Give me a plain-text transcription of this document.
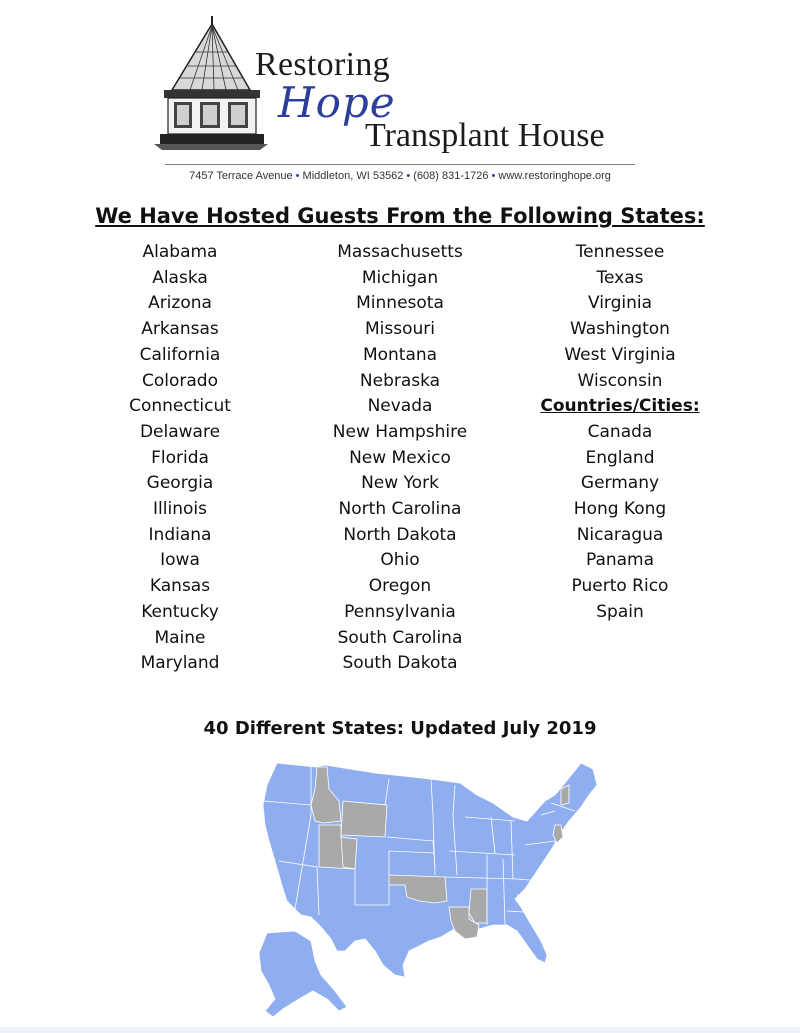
Restoring
Hope
Transplant House
7457 Terrace Avenue • Middleton, WI 53562 • (608) 831-1726 • www.restoringhope.org
We Have Hosted Guests From the Following States:
Alabama
Alaska
Arizona
Arkansas
California
Colorado
Connecticut
Delaware
Florida
Georgia
Illinois
Indiana
Iowa
Kansas
Kentucky
Maine
Maryland
Massachusetts
Michigan
Minnesota
Missouri
Montana
Nebraska
Nevada
New Hampshire
New Mexico
New York
North Carolina
North Dakota
Ohio
Oregon
Pennsylvania
South Carolina
South Dakota
Tennessee
Texas
Virginia
Washington
West Virginia
Wisconsin
Countries/Cities:
Canada
England
Germany
Hong Kong
Nicaragua
Panama
Puerto Rico
Spain
40 Different States: Updated July 2019
